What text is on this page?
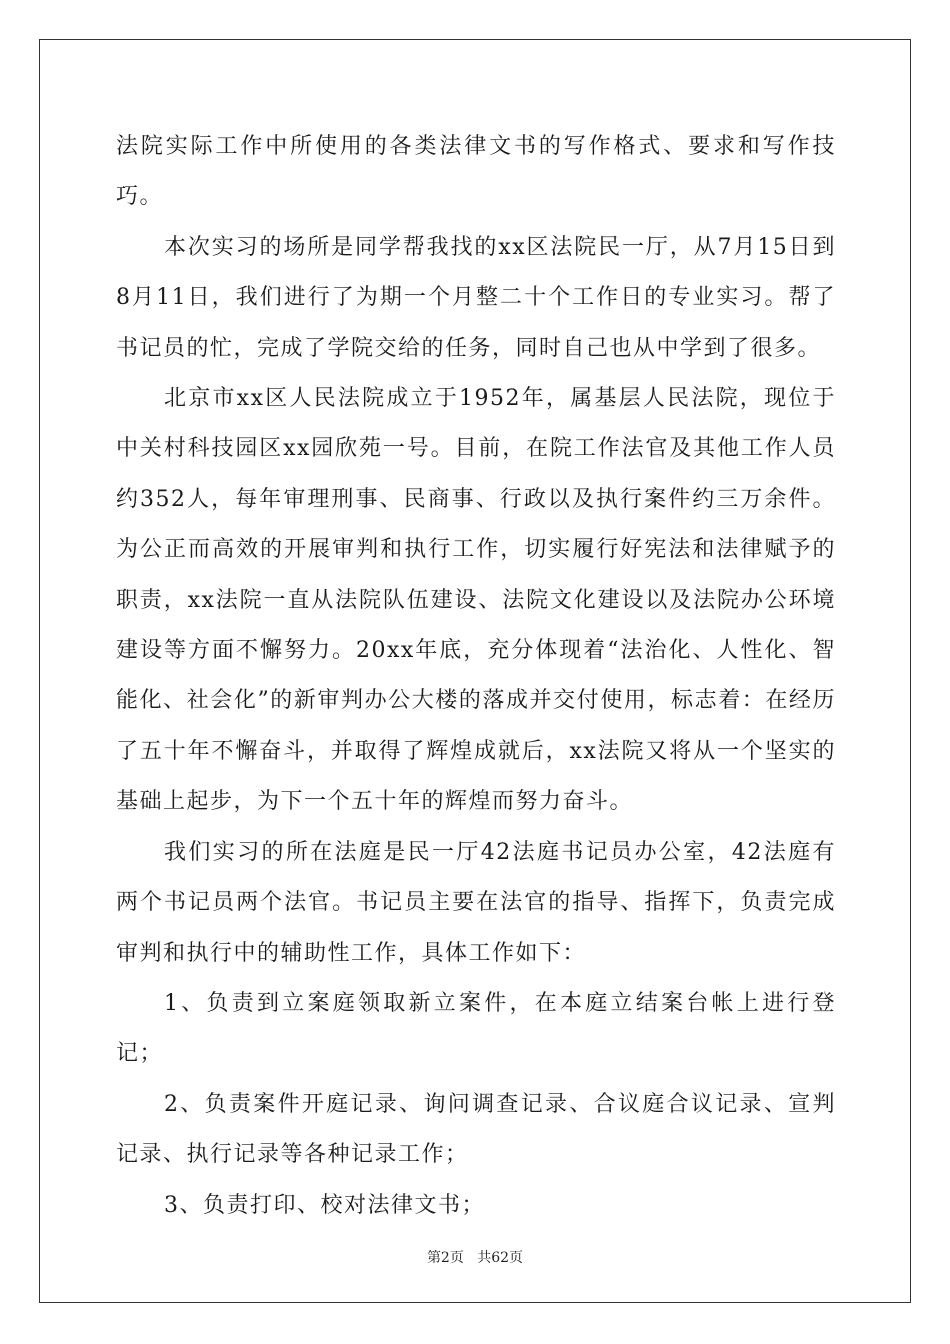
法院实际工作中所使用的各类法律文书的写作格式、要求和写作技巧。

本次实习的场所是同学帮我找的xx区法院民一厅，从7月15日到8月11日，我们进行了为期一个月整二十个工作日的专业实习。帮了书记员的忙，完成了学院交给的任务，同时自己也从中学到了很多。

北京市xx区人民法院成立于1952年，属基层人民法院，现位于中关村科技园区xx园欣苑一号。目前，在院工作法官及其他工作人员约352人，每年审理刑事、民商事、行政以及执行案件约三万余件。为公正而高效的开展审判和执行工作，切实履行好宪法和法律赋予的职责，xx法院一直从法院队伍建设、法院文化建设以及法院办公环境建设等方面不懈努力。20xx年底，充分体现着“法治化、人性化、智能化、社会化”的新审判办公大楼的落成并交付使用，标志着：在经历了五十年不懈奋斗，并取得了辉煌成就后，xx法院又将从一个坚实的基础上起步，为下一个五十年的辉煌而努力奋斗。

我们实习的所在法庭是民一厅42法庭书记员办公室，42法庭有两个书记员两个法官。书记员主要在法官的指导、指挥下，负责完成审判和执行中的辅助性工作，具体工作如下：

1、负责到立案庭领取新立案件，在本庭立结案台帐上进行登记；

2、负责案件开庭记录、询问调查记录、合议庭合议记录、宣判记录、执行记录等各种记录工作；

3、负责打印、校对法律文书；

第2页 共62页
